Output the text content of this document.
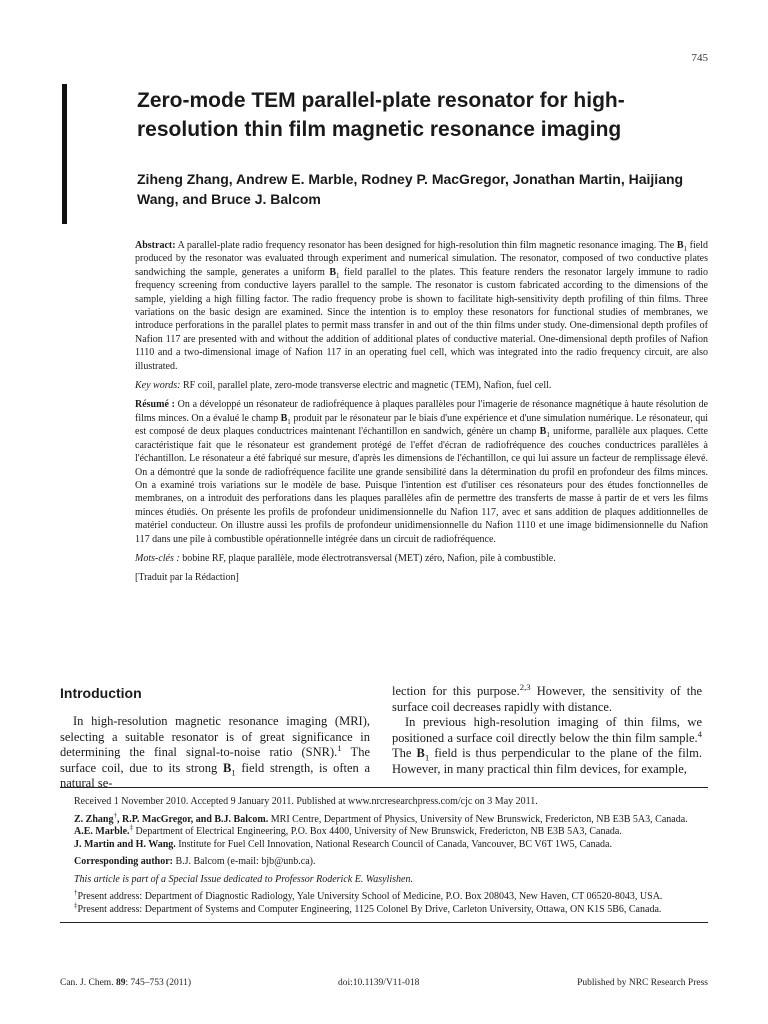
745
Zero-mode TEM parallel-plate resonator for high-resolution thin film magnetic resonance imaging
Ziheng Zhang, Andrew E. Marble, Rodney P. MacGregor, Jonathan Martin, Haijiang Wang, and Bruce J. Balcom

Abstract: A parallel-plate radio frequency resonator has been designed for high-resolution thin film magnetic resonance imaging. The $B_1$ field produced by the resonator was evaluated through experiment and numerical simulation. The resonator, composed of two conductive plates sandwiching the sample, generates a uniform $B_1$ field parallel to the plates. This feature renders the resonator largely immune to radio frequency screening from conductive layers parallel to the sample. The resonator is custom fabricated according to the dimensions of the sample, yielding a high filling factor. The radio frequency probe is shown to facilitate high-sensitivity depth profiling of thin films. Three variations on the basic design are examined. Since the intention is to employ these resonators for functional studies of membranes, we introduce perforations in the parallel plates to permit mass transfer in and out of the thin films under study. One-dimensional depth profiles of Nafion 117 are presented with and without the addition of additional plates of conductive material. One-dimensional depth profiles of Nafion 1110 and a two-dimensional image of Nafion 117 in an operating fuel cell, which was integrated into the radio frequency circuit, are also illustrated.

Key words: RF coil, parallel plate, zero-mode transverse electric and magnetic (TEM), Nafion, fuel cell.

Résumé : On a développé un résonateur de radiofréquence à plaques parallèles pour l'imagerie de résonance magnétique à haute résolution de films minces. On a évalué le champ $B_1$ produit par le résonateur par le biais d'une expérience et d'une simulation numérique. Le résonateur, qui est composé de deux plaques conductrices maintenant l'échantillon en sandwich, génère un champ $B_1$ uniforme, parallèle aux plaques. Cette caractéristique fait que le résonateur est grandement protégé de l'effet d'écran de radiofréquence des couches conductrices parallèles à l'échantillon. Le résonateur a été fabriqué sur mesure, d'après les dimensions de l'échantillon, ce qui lui assure un facteur de remplissage élevé. On a démontré que la sonde de radiofréquence facilite une grande sensibilité dans la détermination du profil en profondeur des films minces. On a examiné trois variations sur le modèle de base. Puisque l'intention est d'utiliser ces résonateurs pour des études fonctionnelles de membranes, on a introduit des perforations dans les plaques parallèles afin de permettre des transferts de masse à partir de et vers les films minces étudiés. On présente les profils de profondeur unidimensionnelle du Nafion 117, avec et sans addition de plaques additionnelles de matériel conducteur. On illustre aussi les profils de profondeur unidimensionnelle du Nafion 1110 et une image bidimensionnelle du Nafion 117 dans une pile à combustible opérationnelle intégrée dans un circuit de radiofréquence.

Mots-clés : bobine RF, plaque parallèle, mode électrotransversal (MET) zéro, Nafion, pile à combustible.

[Traduit par la Rédaction]

Introduction

In high-resolution magnetic resonance imaging (MRI), selecting a suitable resonator is of great significance in determining the final signal-to-noise ratio (SNR).$^1$ The surface coil, due to its strong $B_1$ field strength, is often a natural se-

lection for this purpose.$^{2,3}$ However, the sensitivity of the surface coil decreases rapidly with distance.

In previous high-resolution imaging of thin films, we positioned a surface coil directly below the thin film sample.$^4$ The $B_1$ field is thus perpendicular to the plane of the film. However, in many practical thin film devices, for example,

Received 1 November 2010. Accepted 9 January 2011. Published at www.nrcresearchpress.com/cjc on 3 May 2011.

Z. Zhang†, R.P. MacGregor, and B.J. Balcom. MRI Centre, Department of Physics, University of New Brunswick, Fredericton, NB E3B 5A3, Canada.

A.E. Marble.‡ Department of Electrical Engineering, P.O. Box 4400, University of New Brunswick, Fredericton, NB E3B 5A3, Canada.

J. Martin and H. Wang. Institute for Fuel Cell Innovation, National Research Council of Canada, Vancouver, BC V6T 1W5, Canada.

Corresponding author: B.J. Balcom (e-mail: bjb@unb.ca).

This article is part of a Special Issue dedicated to Professor Roderick E. Wasylishen.

†Present address: Department of Diagnostic Radiology, Yale University School of Medicine, P.O. Box 208043, New Haven, CT 06520-8043, USA.

‡Present address: Department of Systems and Computer Engineering, 1125 Colonel By Drive, Carleton University, Ottawa, ON K1S 5B6, Canada.

Can. J. Chem. 89: 745–753 (2011)	doi:10.1139/V11-018	Published by NRC Research Press
